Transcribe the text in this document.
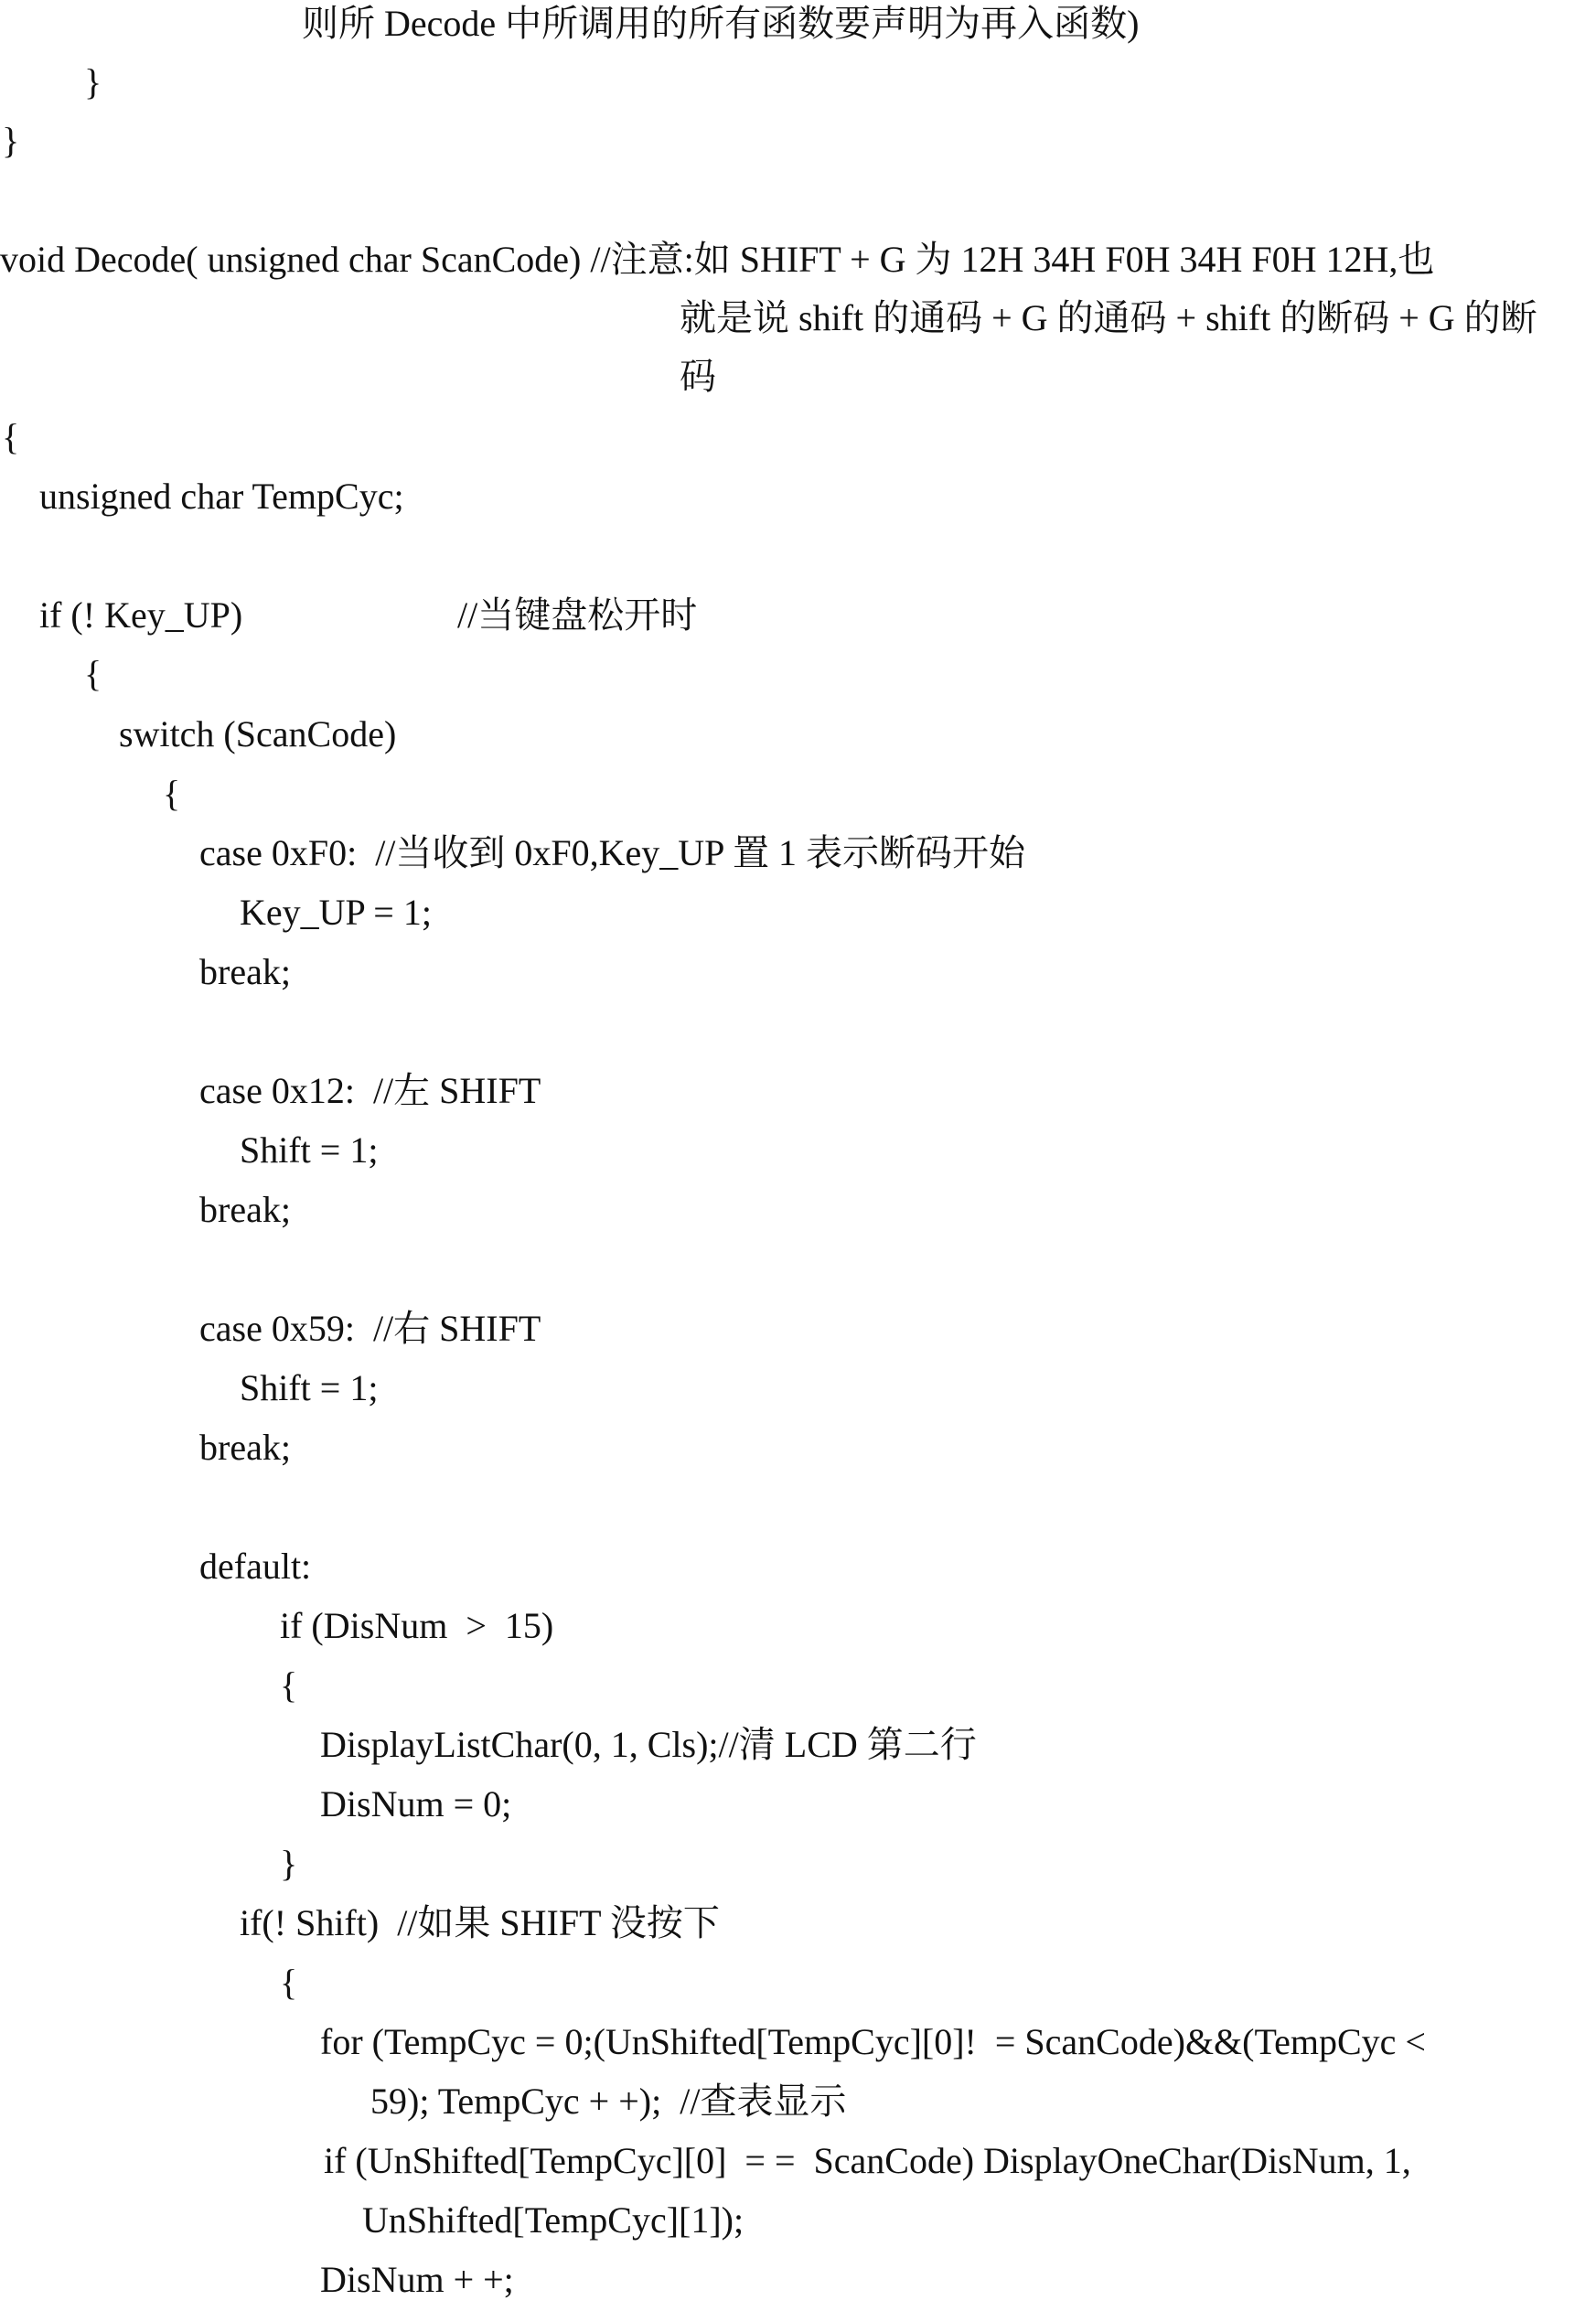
则所 Decode 中所调用的所有函数要声明为再入函数)
}
}
void Decode( unsigned char ScanCode) //注意:如 SHIFT + G 为 12H 34H F0H 34H F0H 12H,也
就是说 shift 的通码 + G 的通码 + shift 的断码 + G 的断
码
{
unsigned char TempCyc;
if (! Key_UP)	//当键盘松开时
{
switch (ScanCode)
{
case 0xF0:  //当收到 0xF0,Key_UP 置 1 表示断码开始
Key_UP = 1;
break;
case 0x12:  //左 SHIFT
Shift = 1;
break;
case 0x59:  //右 SHIFT
Shift = 1;
break;
default:
if (DisNum  >  15)
{
DisplayListChar(0, 1, Cls);//清 LCD 第二行
DisNum = 0;
}
if(! Shift)  //如果 SHIFT 没按下
{
for (TempCyc = 0;(UnShifted[TempCyc][0]!  = ScanCode)&&(TempCyc <
59); TempCyc + +);  //查表显示
if (UnShifted[TempCyc][0]  = =  ScanCode) DisplayOneChar(DisNum, 1,
UnShifted[TempCyc][1]);
DisNum + +;
